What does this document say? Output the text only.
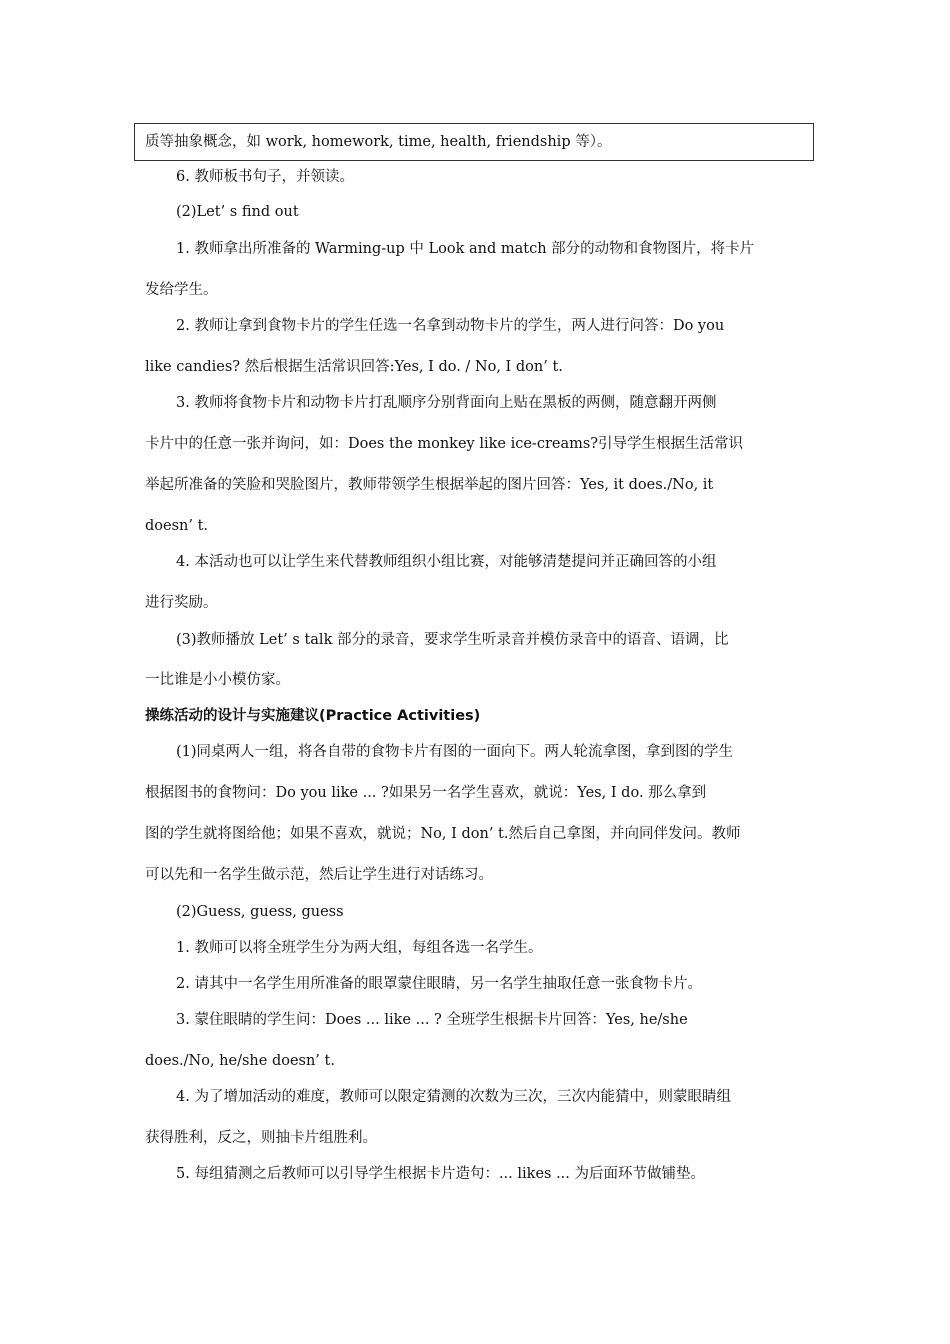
质等抽象概念，如 work, homework, time, health, friendship 等）。
6. 教师板书句子，并领读。
(2)Let’ s find out
1. 教师拿出所准备的 Warming-up 中 Look and match 部分的动物和食物图片，将卡片
发给学生。
2. 教师让拿到食物卡片的学生任选一名拿到动物卡片的学生，两人进行问答：Do you
like candies? 然后根据生活常识回答:Yes, I do. / No, I don’ t.
3. 教师将食物卡片和动物卡片打乱顺序分别背面向上贴在黑板的两侧，随意翻开两侧
卡片中的任意一张并询问，如：Does the monkey like ice-creams?引导学生根据生活常识
举起所准备的笑脸和哭脸图片，教师带领学生根据举起的图片回答：Yes, it does./No, it
doesn’ t.
4. 本活动也可以让学生来代替教师组织小组比赛，对能够清楚提问并正确回答的小组
进行奖励。
(3)教师播放 Let’ s talk 部分的录音，要求学生听录音并模仿录音中的语音、语调，比
一比谁是小小模仿家。
操练活动的设计与实施建议(Practice Activities)
(1)同桌两人一组，将各自带的食物卡片有图的一面向下。两人轮流拿图，拿到图的学生
根据图书的食物问：Do you like ... ?如果另一名学生喜欢，就说：Yes, I do. 那么拿到
图的学生就将图给他；如果不喜欢，就说；No, I don’ t.然后自己拿图，并向同伴发问。教师
可以先和一名学生做示范，然后让学生进行对话练习。
(2)Guess, guess, guess
1. 教师可以将全班学生分为两大组，每组各选一名学生。
2. 请其中一名学生用所准备的眼罩蒙住眼睛，另一名学生抽取任意一张食物卡片。
3. 蒙住眼睛的学生问：Does ... like ... ? 全班学生根据卡片回答：Yes, he/she
does./No, he/she doesn’ t.
4. 为了增加活动的难度，教师可以限定猜测的次数为三次，三次内能猜中，则蒙眼睛组
获得胜利，反之，则抽卡片组胜利。
5. 每组猜测之后教师可以引导学生根据卡片造句：... likes ... 为后面环节做铺垫。
